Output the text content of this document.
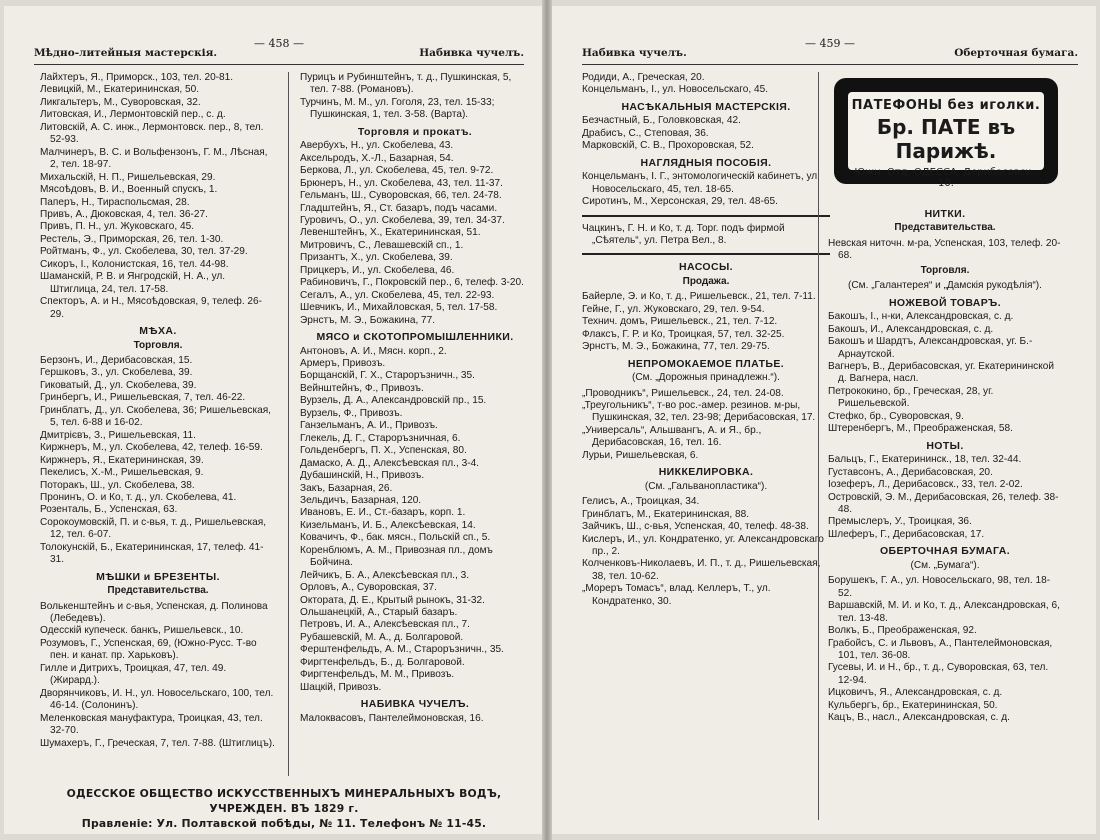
Мѣдно-литейныя мастерскія.
— 458 —
Набивка чучелъ.
Лайхтеръ, Я., Приморск., 103, тел. 20-81.
Левицкій, М., Екатерининская, 50.
Ликгальтеръ, М., Суворовская, 32.
Литовская, И., Лермонтовскій пер., с. д.
Литовскій, А. С. инж., Лермонтовск. пер., 8, тел. 52-93.
Малчинеръ, В. С. и Вольфензонъ, Г. М., Лѣсная, 2, тел. 18-97.
Михальскій, Н. П., Ришельевская, 29.
Мясоѣдовъ, В. И., Военный спускъ, 1.
Паперъ, Н., Тираспольсмая, 28.
Привъ, А., Дюковская, 4, тел. 36-27.
Привъ, П. Н., ул. Жуковскаго, 45.
Рестель, Э., Приморская, 26, тел. 1-30.
Ройтманъ, Ф., ул. Скобелева, 30, тел. 37-29.
Сикоръ, І., Колонистская, 16, тел. 44-98.
Шаманскій, Р. В. и Янгродскій, Н. А., ул. Штиглица, 24, тел. 17-58.
Спекторъ, А. и Н., Мясоѣдовская, 9, телеф. 26-29.
МѢХА.
Торговля.
Берзонъ, И., Дерибасовская, 15.
Гершковъ, З., ул. Скобелева, 39.
Гиковатый, Д., ул. Скобелева, 39.
Гринбергъ, И., Ришельевская, 7, тел. 46-22.
Гринблатъ, Д., ул. Скобелева, 36; Ришельевская, 5, тел. 6-88 и 16-02.
Дмитрієвъ, З., Ришельевская, 11.
Киржнеръ, М., ул. Скобелева, 42, телеф. 16-59.
Киржнеръ, Я., Екатерининская, 39.
Пекелисъ, Х.-М., Ришельевская, 9.
Поторакъ, Ш., ул. Скобелева, 38.
Пронинъ, О. и Ко, т. д., ул. Скобелева, 41.
Розенталь, Б., Успенская, 63.
Сорокоумовскій, П. и с-вья, т. д., Ришельевская, 12, тел. 6-07.
Толокунскій, Б., Екатерининская, 17, телеф. 41-31.
МѢШКИ и БРЕЗЕНТЫ.
Представительства.
Волькенштейнъ и с-вья, Успенская, д. Полинова (Лебедевъ).
Одесскій купеческ. банкъ, Ришельевск., 10.
Розумовъ, Г., Успенская, 69, (Южно-Русс. Т-во пен. и канат. пр. Харьковъ).
Гилле и Дитрихъ, Троицкая, 47, тел. 49. (Жирард.).
Дворянчиковъ, И. Н., ул. Новосельскаго, 100, тел. 46-14. (Солонинъ).
Меленковская мануфактура, Троицкая, 43, тел. 32-70.
Шумахеръ, Г., Греческая, 7, тел. 7-88. (Штиглицъ).
Пурицъ и Рубинштейнъ, т. д., Пушкинская, 5, тел. 7-88. (Романовъ).
Турчинъ, М. М., ул. Гоголя, 23, тел. 15-33; Пушкинская, 1, тел. 3-58. (Варта).
Торговля и прокатъ.
Авербухъ, Н., ул. Скобелева, 43.
Аксельродъ, Х.-Л., Базарная, 54.
Беркова, Л., ул. Скобелева, 45, тел. 9-72.
Брюнеръ, Н., ул. Скобелева, 43, тел. 11-37.
Гельманъ, Ш., Суворовская, 66, тел. 24-78.
Гладштейнъ, Я., Ст. базаръ, подъ часами.
Гуровичъ, О., ул. Скобелева, 39, тел. 34-37.
Левенштейнъ, Х., Екатерининская, 51.
Митровичъ, С., Левашевскій сп., 1.
Призантъ, Х., ул. Скобелева, 39.
Прицкеръ, И., ул. Скобелева, 46.
Рабиновичъ, Г., Покровскій пер., 6, телеф. 3-20.
Сегалъ, А., ул. Скобелева, 45, тел. 22-93.
Шевчикъ, И., Михайловская, 5, тел. 17-58.
Эрнстъ, М. Э., Божакина, 77.
МЯСО и СКОТОПРОМЫШЛЕННИКИ.
Антоновъ, А. И., Мясн. корп., 2.
Армеръ, Привозъ.
Борщанскій, Г. Х., Староръзничн., 35.
Вейнштейнъ, Ф., Привозъ.
Вурзель, Д. А., Александровскій пр., 15.
Вурзель, Ф., Привозъ.
Ганзельманъ, А. И., Привозъ.
Глекель, Д. Г., Староръзничная, 6.
Гольденбергъ, П. Х., Успенская, 80.
Дамаско, А. Д., Алексѣевская пл., 3-4.
Дубашинскій, Н., Привозъ.
Закъ, Базарная, 26.
Зельдичъ, Базарная, 120.
Ивановъ, Е. И., Ст.-базаръ, корп. 1.
Кизельманъ, И. Б., Алексѣевская, 14.
Ковачичъ, Ф., бак. мясн., Польскій сп., 5.
Коренблюмъ, А. М., Привозная пл., домъ Бойчина.
Лейчикъ, Б. А., Алексѣевская пл., 3.
Орловъ, А., Суворовская, 37.
Октората, Д. Е., Крытый рынокъ, 31-32.
Ольшанецкій, А., Старый базаръ.
Петровъ, И. А., Алексѣевская пл., 7.
Рубашевскій, М. А., д. Болгаровой.
Ферштенфельдъ, А. М., Староръзничн., 35.
Фиргтенфельдъ, Б., д. Болгаровой.
Фиргтенфельдъ, М. М., Привозъ.
Шацкій, Привозъ.
НАБИВКА ЧУЧЕЛЪ.
Малоквасовъ, Пантелеймоновская, 16.
ОДЕССКОЕ ОБЩЕСТВО ИСКУССТВЕННЫХЪ МИНЕРАЛЬНЫХЪ ВОДЪ, УЧРЕЖДЕН. ВЪ 1829 г.
Правленіе: Ул. Полтавской побѣды, № 11. Телефонъ № 11-45.
Набивка чучелъ.
— 459 —
Оберточная бумага.
Родиди, А., Греческая, 20.
Концельманъ, І., ул. Новосельскаго, 45.
НАСѢКАЛЬНЫЯ МАСТЕРСКІЯ.
Безчастный, Б., Головковская, 42.
Драбисъ, С., Степовая, 36.
Марковскій, С. В., Прохоровская, 52.
НАГЛЯДНЫЯ ПОСОБІЯ.
Концельманъ, І. Г., энтомологическій кабинетъ, ул. Новосельскаго, 45, тел. 18-65.
Сиротинъ, М., Херсонская, 29, тел. 48-65.
Чацкинъ, Г. Н. и Ко, т. д. Торг. подъ фирмой „Сѣятель“, ул. Петра Вел., 8.
НАСОСЫ.
Продажа.
Байерле, Э. и Ко, т. д., Ришельевск., 21, тел. 7-11.
Гейне, Г., ул. Жуковскаго, 29, тел. 9-54.
Технич. домъ, Ришельевск., 21, тел. 7-12.
Флаксъ, Г. Р. и Ко, Троицкая, 57, тел. 32-25.
Эрнстъ, М. Э., Божакина, 77, тел. 29-75.
НЕПРОМОКАЕМОЕ ПЛАТЬЕ.
(См. „Дорожныя принадлежн.“).
„Проводникъ“, Ришельевск., 24, тел. 24-08.
„Треугольникъ“, т-во рос.-амер. резинов. м-ры, Пушкинская, 32, тел. 23-98; Дерибасовская, 17.
„Универсаль“, Альшвангъ, А. и Я., бр., Дерибасовская, 16, тел. 16.
Лурьи, Ришельевская, 6.
НИККЕЛИРОВКА.
(См. „Гальванопластика“).
Гелисъ, А., Троицкая, 34.
Гринблатъ, М., Екатерининская, 88.
Зайчикъ, Ш., с-вья, Успенская, 40, телеф. 48-38.
Кислеръ, И., ул. Кондратенко, уг. Александровскаго пр., 2.
Колченковъ-Николаевъ, И. П., т. д., Ришельевская, 38, тел. 10-62.
„Мореръ Томасъ“, влад. Келлеръ, Т., ул. Кондратенко, 30.
ПАТЕФОНЫ без иголки.
Бр. ПАТЕ въ Парижѣ.
Южн. Отд. ОДЕССА, Дерибасовск., 10.
НИТКИ.
Представительства.
Невская ниточн. м-ра, Успенская, 103, телеф. 20-68.
Торговля.
(См. „Галантерея“ и „Дамскія рукодѣлія“).
НОЖЕВОЙ ТОВАРЪ.
Бакошъ, І., н-ки, Александровская, с. д.
Бакошъ, И., Александровская, с. д.
Бакошъ и Шардтъ, Александровская, уг. Б.-Арнаутской.
Вагнеръ, В., Дерибасовская, уг. Екатерининской д. Вагнера, насл.
Петрококино, бр., Греческая, 28, уг. Ришельевской.
Стефко, бр., Суворовская, 9.
Штеренбергъ, М., Преображенская, 58.
НОТЫ.
Бальцъ, Г., Екатерининск., 18, тел. 32-44.
Густавсонъ, А., Дерибасовская, 20.
Іозеферъ, Л., Дерибасовск., 33, тел. 2-02.
Островскій, Э. М., Дерибасовская, 26, телеф. 38-48.
Премыслеръ, У., Троицкая, 36.
Шлеферъ, Г., Дерибасовская, 17.
ОБЕРТОЧНАЯ БУМАГА.
(См. „Бумага“).
Борушекъ, Г. А., ул. Новосельскаго, 98, тел. 18-52.
Варшавскій, М. И. и Ко, т. д., Александровская, 6, тел. 13-48.
Волкъ, Б., Преображенская, 92.
Грабойсъ, С. и Львовъ, А., Пантелеймоновская, 101, тел. 36-08.
Гусевы, И. и Н., бр., т. д., Суворовская, 63, тел. 12-94.
Ицковичъ, Я., Александровская, с. д.
Кульбергъ, бр., Екатерининская, 50.
Кацъ, В., насл., Александровская, с. д.
